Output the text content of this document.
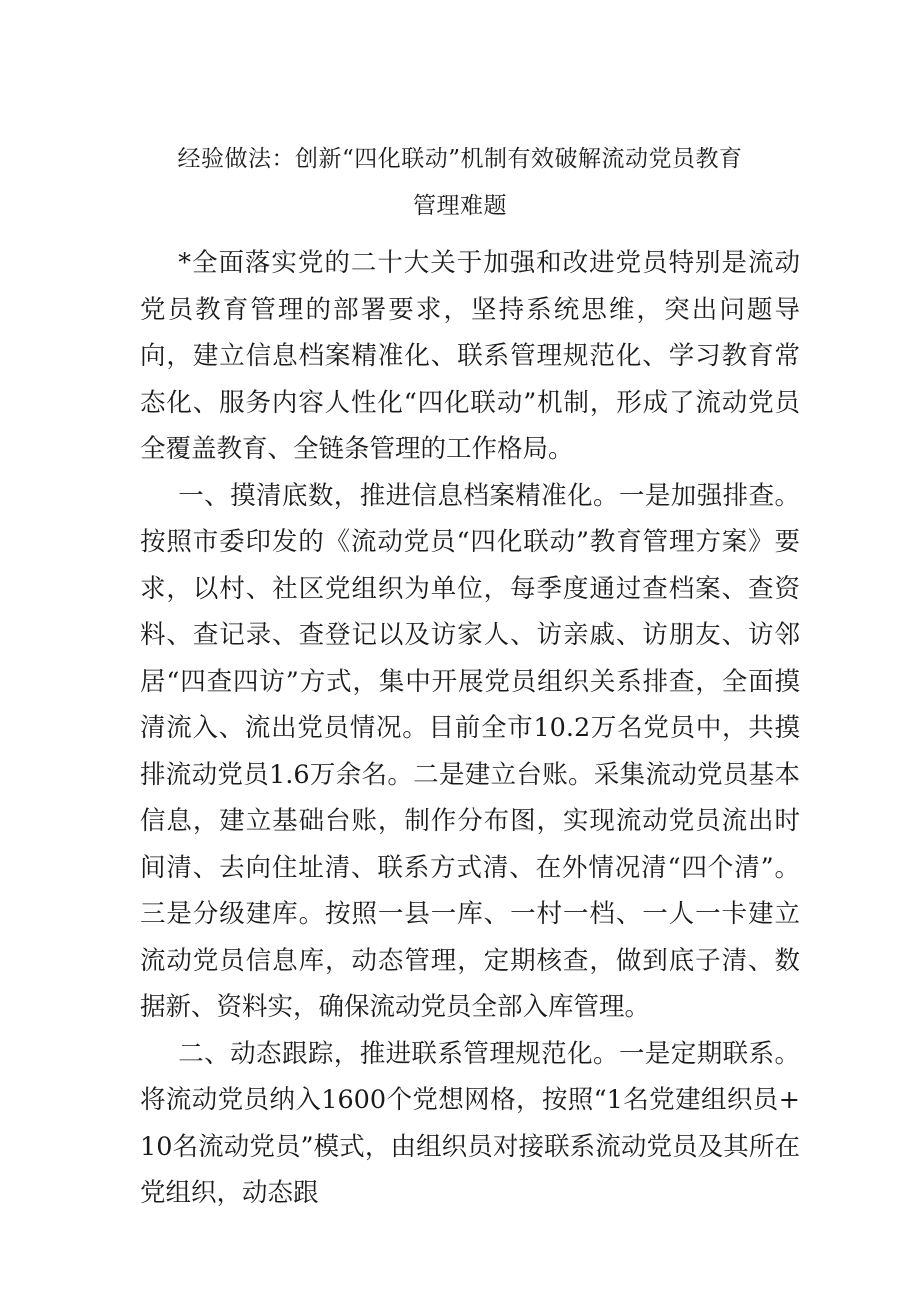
经验做法：创新“四化联动”机制有效破解流动党员教育
管理难题

*全面落实党的二十大关于加强和改进党员特别是流动党员教育管理的部署要求，坚持系统思维，突出问题导向，建立信息档案精准化、联系管理规范化、学习教育常态化、服务内容人性化“四化联动”机制，形成了流动党员全覆盖教育、全链条管理的工作格局。

一、摸清底数，推进信息档案精准化。一是加强排查。按照市委印发的《流动党员“四化联动”教育管理方案》要求，以村、社区党组织为单位，每季度通过查档案、查资料、查记录、查登记以及访家人、访亲戚、访朋友、访邻居“四查四访”方式，集中开展党员组织关系排查，全面摸清流入、流出党员情况。目前全市10.2万名党员中，共摸排流动党员1.6万余名。二是建立台账。采集流动党员基本信息，建立基础台账，制作分布图，实现流动党员流出时间清、去向住址清、联系方式清、在外情况清“四个清”。三是分级建库。按照一县一库、一村一档、一人一卡建立流动党员信息库，动态管理，定期核查，做到底子清、数据新、资料实，确保流动党员全部入库管理。

二、动态跟踪，推进联系管理规范化。一是定期联系。将流动党员纳入1600个党想网格，按照“1名党建组织员+10名流动党员”模式，由组织员对接联系流动党员及其所在党组织，动态跟
